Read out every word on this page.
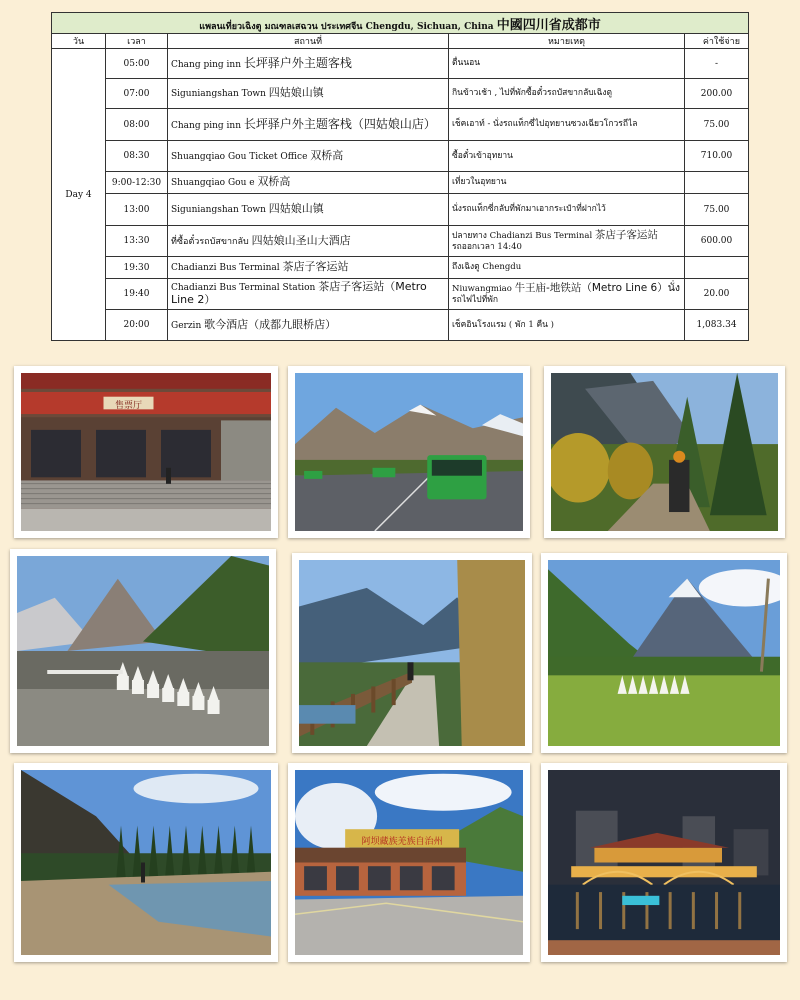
แพลนเที่ยวเฉิงตู มณฑลเสฉวน ประเทศจีน Chengdu, Sichuan, China 中國四川省成都市				
วัน	เวลา	สถานที่	หมายเหตุ	ค่าใช้จ่าย
Day 4	05:00	Chang ping inn 长坪驿户外主题客栈	ตื่นนอน	-
	07:00	Siguniangshan Town 四姑娘山镇	กินข้าวเช้า , ไปที่พักซื้อตั๋วรถบัสขากลับเฉิงตู	200.00
	08:00	Chang ping inn 长坪驿户外主题客栈（四姑娘山店）	เช็คเอาท์ - นั่งรถแท็กซี่ไปอุทยานซวงเฉียวโกวรถีไล	75.00
	08:30	Shuangqiao Gou Ticket Office 双桥高	ซื้อตั๋วเข้าอุทยาน	710.00
	9:00-12:30	Shuangqiao Gou e 双桥高	เที่ยวในอุทยาน	
	13:00	Siguniangshan Town 四姑娘山镇	นั่งรถแท็กซี่กลับที่พักมาเอากระเป๋าที่ฝากไว้	75.00
	13:30	ที่ซื้อตั๋วรถบัสขากลับ 四姑娘山圣山大酒店	ปลายทาง Chadianzi Bus Terminal 茶店子客运站
รถออกเวลา 14:40	600.00
	19:30	Chadianzi Bus Terminal 茶店子客运站	ถึงเฉิงตู Chengdu	
	19:40	Chadianzi Bus Terminal Station 茶店子客运站（Metro Line 2）	Niuwangmiao 牛王庙-地铁站（Metro Line 6）นั่ง
รถไฟไปที่พัก	20.00
	20:00	Gerzin 歌今酒店（成都九眼桥店）	เช็คอินโรงแรม ( พัก 1 คืน )	1,083.34
售票厅
阿坝藏族羌族自治州
